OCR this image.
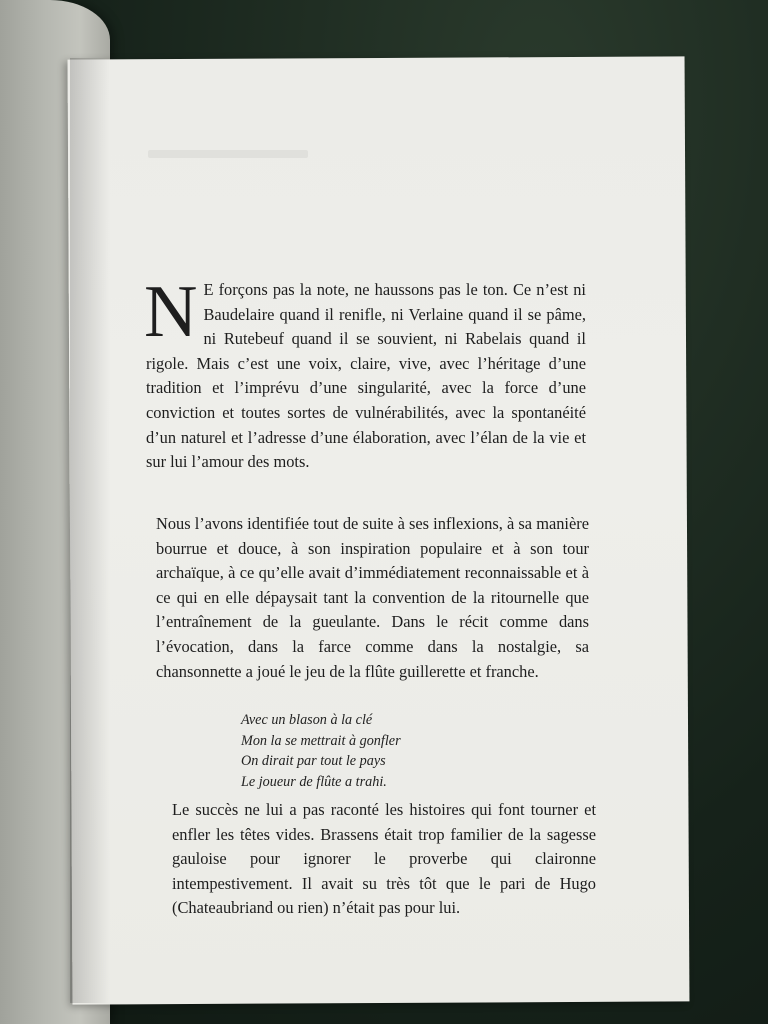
N E forçons pas la note, ne haussons pas le ton. Ce n’est ni Baudelaire quand il renifle, ni Verlaine quand il se pâme, ni Rutebeuf quand il se souvient, ni Rabelais quand il rigole. Mais c’est une voix, claire, vive, avec l’héritage d’une tradition et l’imprévu d’une singularité, avec la force d’une conviction et toutes sortes de vulnérabilités, avec la spontanéité d’un naturel et l’adresse d’une élaboration, avec l’élan de la vie et sur lui l’amour des mots.
Nous l’avons identifiée tout de suite à ses inflexions, à sa manière bourrue et douce, à son inspiration populaire et à son tour archaïque, à ce qu’elle avait d’immédiatement reconnaissable et à ce qui en elle dépaysait tant la convention de la ritournelle que l’entraînement de la gueulante. Dans le récit comme dans l’évocation, dans la farce comme dans la nostalgie, sa chansonnette a joué le jeu de la flûte guillerette et franche.
Avec un blason à la clé
Mon la se mettrait à gonfler
On dirait par tout le pays
Le joueur de flûte a trahi.
Le succès ne lui a pas raconté les histoires qui font tourner et enfler les têtes vides. Brassens était trop familier de la sagesse gauloise pour ignorer le proverbe qui claironne intempestivement. Il avait su très tôt que le pari de Hugo (Chateaubriand ou rien) n’était pas pour lui.
